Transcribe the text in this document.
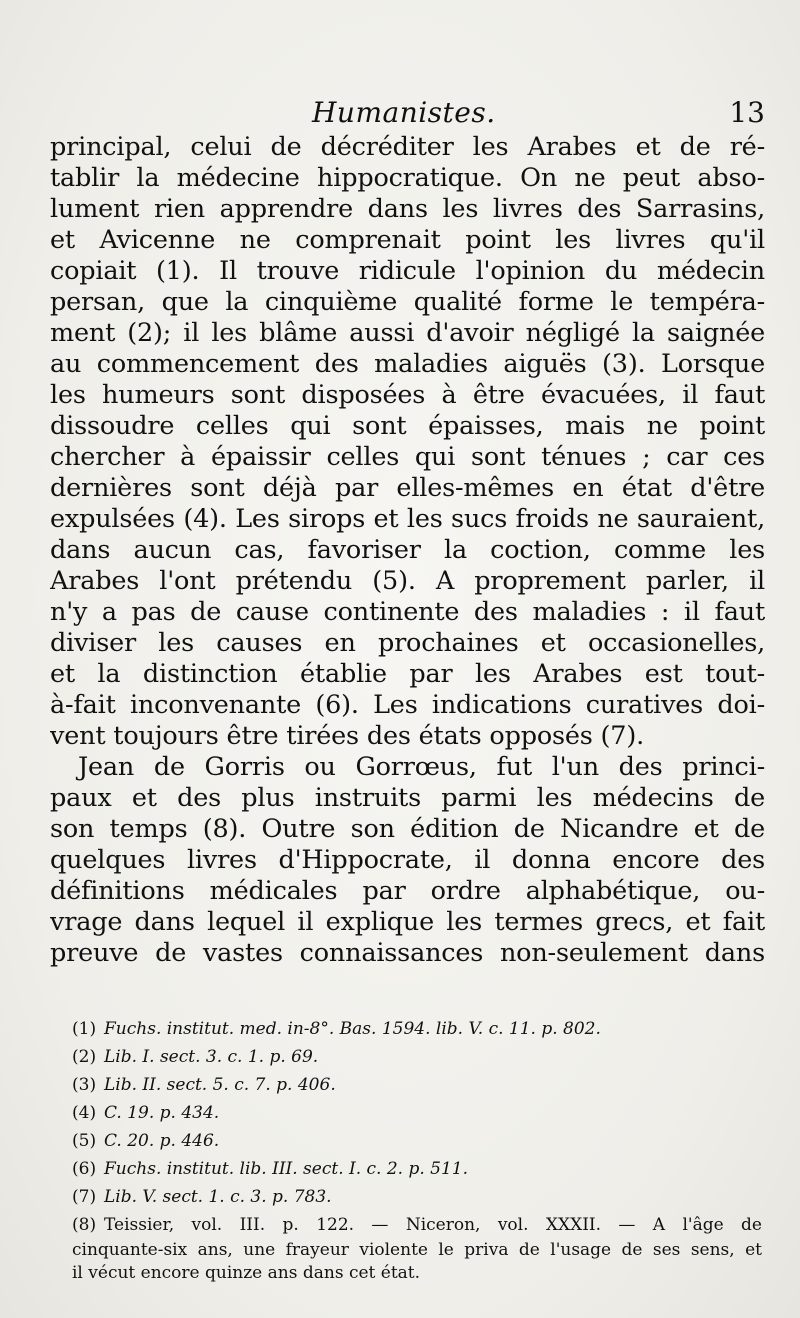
Humanistes.	13
principal, celui de décréditer les Arabes et de ré-
tablir la médecine hippocratique. On ne peut abso-
lument rien apprendre dans les livres des Sarrasins,
et Avicenne ne comprenait point les livres qu'il
copiait (1). Il trouve ridicule l'opinion du médecin
persan, que la cinquième qualité forme le tempéra-
ment (2); il les blâme aussi d'avoir négligé la saignée
au commencement des maladies aiguës (3). Lorsque
les humeurs sont disposées à être évacuées, il faut
dissoudre celles qui sont épaisses, mais ne point
chercher à épaissir celles qui sont ténues ; car ces
dernières sont déjà par elles-mêmes en état d'être
expulsées (4). Les sirops et les sucs froids ne sauraient,
dans aucun cas, favoriser la coction, comme les
Arabes l'ont prétendu (5). A proprement parler, il
n'y a pas de cause continente des maladies : il faut
diviser les causes en prochaines et occasionelles,
et la distinction établie par les Arabes est tout-
à-fait inconvenante (6). Les indications curatives doi-
vent toujours être tirées des états opposés (7).
Jean de Gorris ou Gorrœus, fut l'un des princi-
paux et des plus instruits parmi les médecins de
son temps (8). Outre son édition de Nicandre et de
quelques livres d'Hippocrate, il donna encore des
définitions médicales par ordre alphabétique, ou-
vrage dans lequel il explique les termes grecs, et fait
preuve de vastes connaissances non-seulement dans
(1) Fuchs. institut. med. in-8°. Bas. 1594. lib. V. c. 11. p. 802.
(2) Lib. I. sect. 3. c. 1. p. 69.
(3) Lib. II. sect. 5. c. 7. p. 406.
(4) C. 19. p. 434.
(5) C. 20. p. 446.
(6) Fuchs. institut. lib. III. sect. I. c. 2. p. 511.
(7) Lib. V. sect. 1. c. 3. p. 783.
(8) Teissier, vol. III. p. 122. — Niceron, vol. XXXII. — A l'âge de
cinquante-six ans, une frayeur violente le priva de l'usage de ses sens, et
il vécut encore quinze ans dans cet état.
